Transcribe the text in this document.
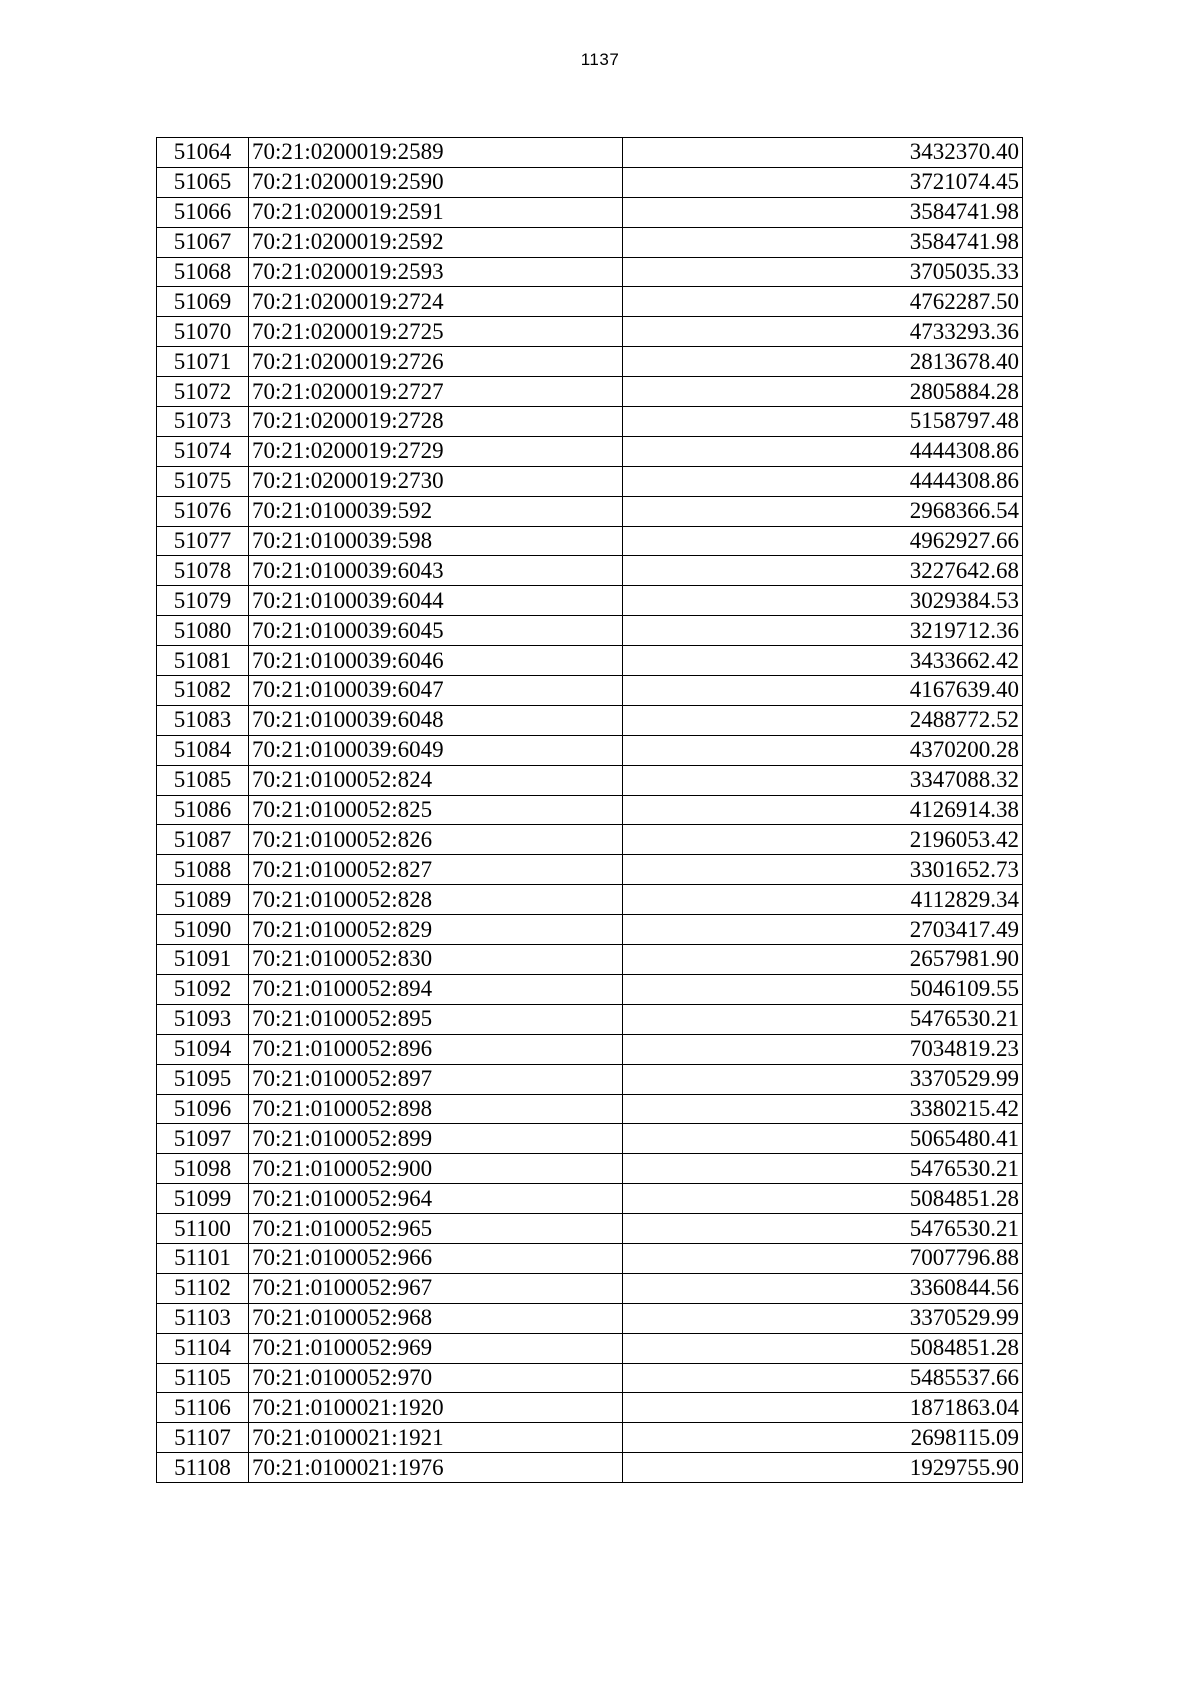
1137
51064	70:21:0200019:2589	3432370.40
51065	70:21:0200019:2590	3721074.45
51066	70:21:0200019:2591	3584741.98
51067	70:21:0200019:2592	3584741.98
51068	70:21:0200019:2593	3705035.33
51069	70:21:0200019:2724	4762287.50
51070	70:21:0200019:2725	4733293.36
51071	70:21:0200019:2726	2813678.40
51072	70:21:0200019:2727	2805884.28
51073	70:21:0200019:2728	5158797.48
51074	70:21:0200019:2729	4444308.86
51075	70:21:0200019:2730	4444308.86
51076	70:21:0100039:592	2968366.54
51077	70:21:0100039:598	4962927.66
51078	70:21:0100039:6043	3227642.68
51079	70:21:0100039:6044	3029384.53
51080	70:21:0100039:6045	3219712.36
51081	70:21:0100039:6046	3433662.42
51082	70:21:0100039:6047	4167639.40
51083	70:21:0100039:6048	2488772.52
51084	70:21:0100039:6049	4370200.28
51085	70:21:0100052:824	3347088.32
51086	70:21:0100052:825	4126914.38
51087	70:21:0100052:826	2196053.42
51088	70:21:0100052:827	3301652.73
51089	70:21:0100052:828	4112829.34
51090	70:21:0100052:829	2703417.49
51091	70:21:0100052:830	2657981.90
51092	70:21:0100052:894	5046109.55
51093	70:21:0100052:895	5476530.21
51094	70:21:0100052:896	7034819.23
51095	70:21:0100052:897	3370529.99
51096	70:21:0100052:898	3380215.42
51097	70:21:0100052:899	5065480.41
51098	70:21:0100052:900	5476530.21
51099	70:21:0100052:964	5084851.28
51100	70:21:0100052:965	5476530.21
51101	70:21:0100052:966	7007796.88
51102	70:21:0100052:967	3360844.56
51103	70:21:0100052:968	3370529.99
51104	70:21:0100052:969	5084851.28
51105	70:21:0100052:970	5485537.66
51106	70:21:0100021:1920	1871863.04
51107	70:21:0100021:1921	2698115.09
51108	70:21:0100021:1976	1929755.90
